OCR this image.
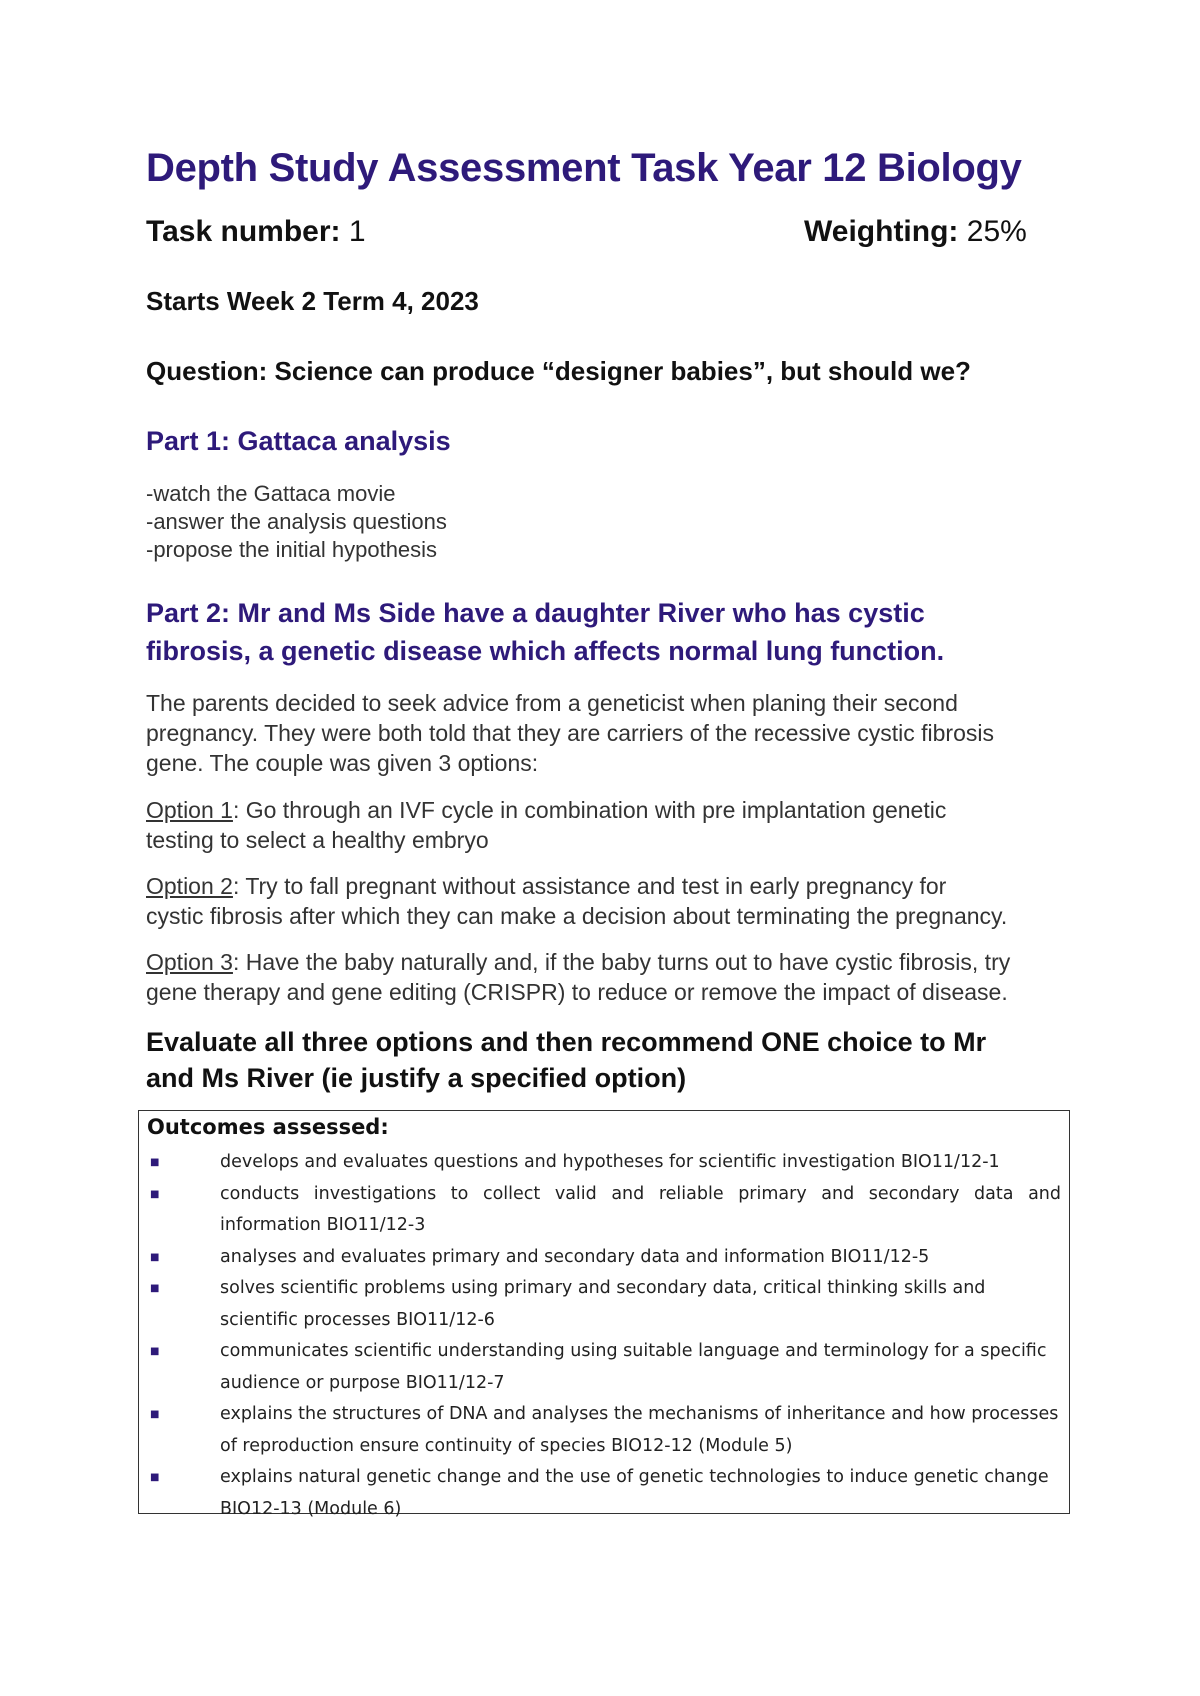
Depth Study Assessment Task Year 12 Biology
Task number: 1	Weighting: 25%
Starts Week 2 Term 4, 2023
Question: Science can produce “designer babies”, but should we?
Part 1: Gattaca analysis
-watch the Gattaca movie
-answer the analysis questions
-propose the initial hypothesis
Part 2: Mr and Ms Side have a daughter River who has cystic
fibrosis, a genetic disease which affects normal lung function.
The parents decided to seek advice from a geneticist when planing their second
pregnancy. They were both told that they are carriers of the recessive cystic fibrosis
gene. The couple was given 3 options:
Option 1: Go through an IVF cycle in combination with pre implantation genetic
testing to select a healthy embryo
Option 2: Try to fall pregnant without assistance and test in early pregnancy for
cystic fibrosis after which they can make a decision about terminating the pregnancy.
Option 3: Have the baby naturally and, if the baby turns out to have cystic fibrosis, try
gene therapy and gene editing (CRISPR) to reduce or remove the impact of disease.
Evaluate all three options and then recommend ONE choice to Mr
and Ms River (ie justify a specified option)
Outcomes assessed:
■	develops and evaluates questions and hypotheses for scientific investigation BIO11/12-1
■	conducts investigations to collect valid and reliable primary and secondary data and
information BIO11/12-3
■	analyses and evaluates primary and secondary data and information BIO11/12-5
■	solves scientific problems using primary and secondary data, critical thinking skills and
scientific processes BIO11/12-6
■	communicates scientific understanding using suitable language and terminology for a specific
audience or purpose BIO11/12-7
■	explains the structures of DNA and analyses the mechanisms of inheritance and how processes
of reproduction ensure continuity of species BIO12-12 (Module 5)
■	explains natural genetic change and the use of genetic technologies to induce genetic change
BIO12-13 (Module 6)
